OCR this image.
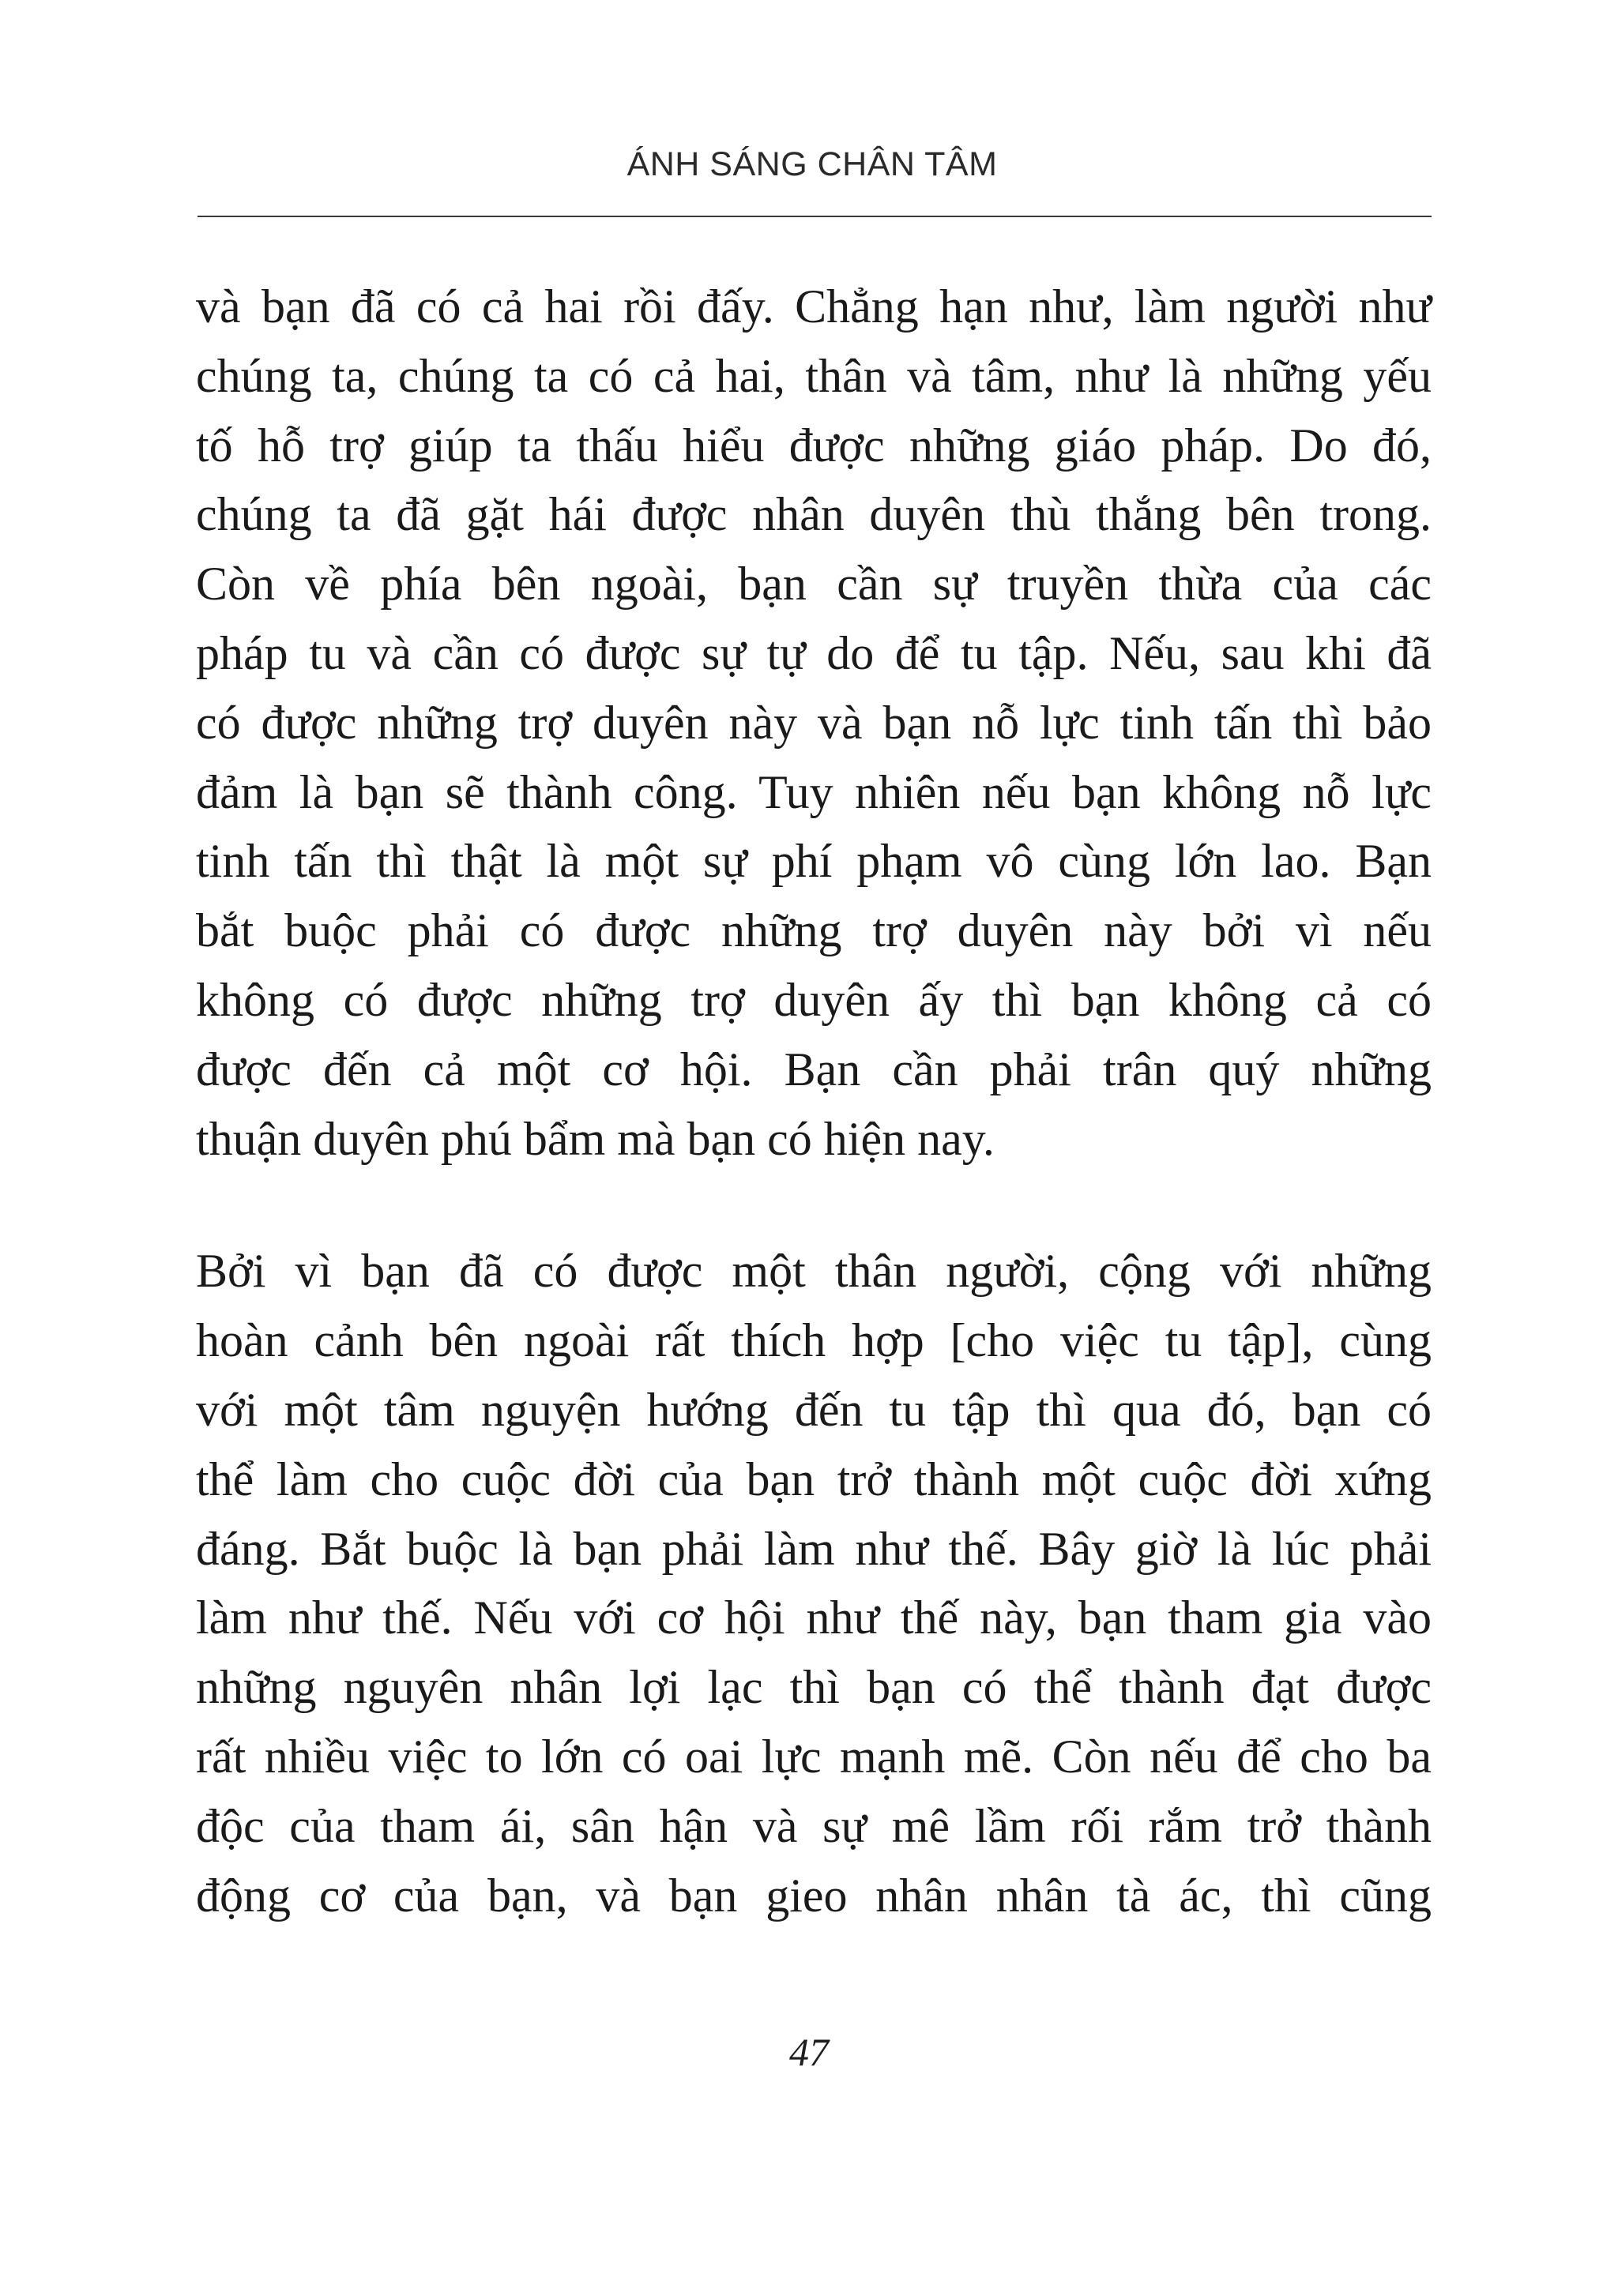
ÁNH SÁNG CHÂN TÂM
và bạn đã có cả hai rồi đấy. Chẳng hạn như, làm người như
chúng ta, chúng ta có cả hai, thân và tâm, như là những yếu
tố hỗ trợ giúp ta thấu hiểu được những giáo pháp. Do đó,
chúng ta đã gặt hái được nhân duyên thù thắng bên trong.
Còn về phía bên ngoài, bạn cần sự truyền thừa của các
pháp tu và cần có được sự tự do để tu tập. Nếu, sau khi đã
có được những trợ duyên này và bạn nỗ lực tinh tấn thì bảo
đảm là bạn sẽ thành công. Tuy nhiên nếu bạn không nỗ lực
tinh tấn thì thật là một sự phí phạm vô cùng lớn lao. Bạn
bắt buộc phải có được những trợ duyên này bởi vì nếu
không có được những trợ duyên ấy thì bạn không cả có
được đến cả một cơ hội. Bạn cần phải trân quý những
thuận duyên phú bẩm mà bạn có hiện nay.
Bởi vì bạn đã có được một thân người, cộng với những
hoàn cảnh bên ngoài rất thích hợp [cho việc tu tập], cùng
với một tâm nguyện hướng đến tu tập thì qua đó, bạn có
thể làm cho cuộc đời của bạn trở thành một cuộc đời xứng
đáng. Bắt buộc là bạn phải làm như thế. Bây giờ là lúc phải
làm như thế. Nếu với cơ hội như thế này, bạn tham gia vào
những nguyên nhân lợi lạc thì bạn có thể thành đạt được
rất nhiều việc to lớn có oai lực mạnh mẽ. Còn nếu để cho ba
độc của tham ái, sân hận và sự mê lầm rối rắm trở thành
động cơ của bạn, và bạn gieo nhân nhân tà ác, thì cũng
47
